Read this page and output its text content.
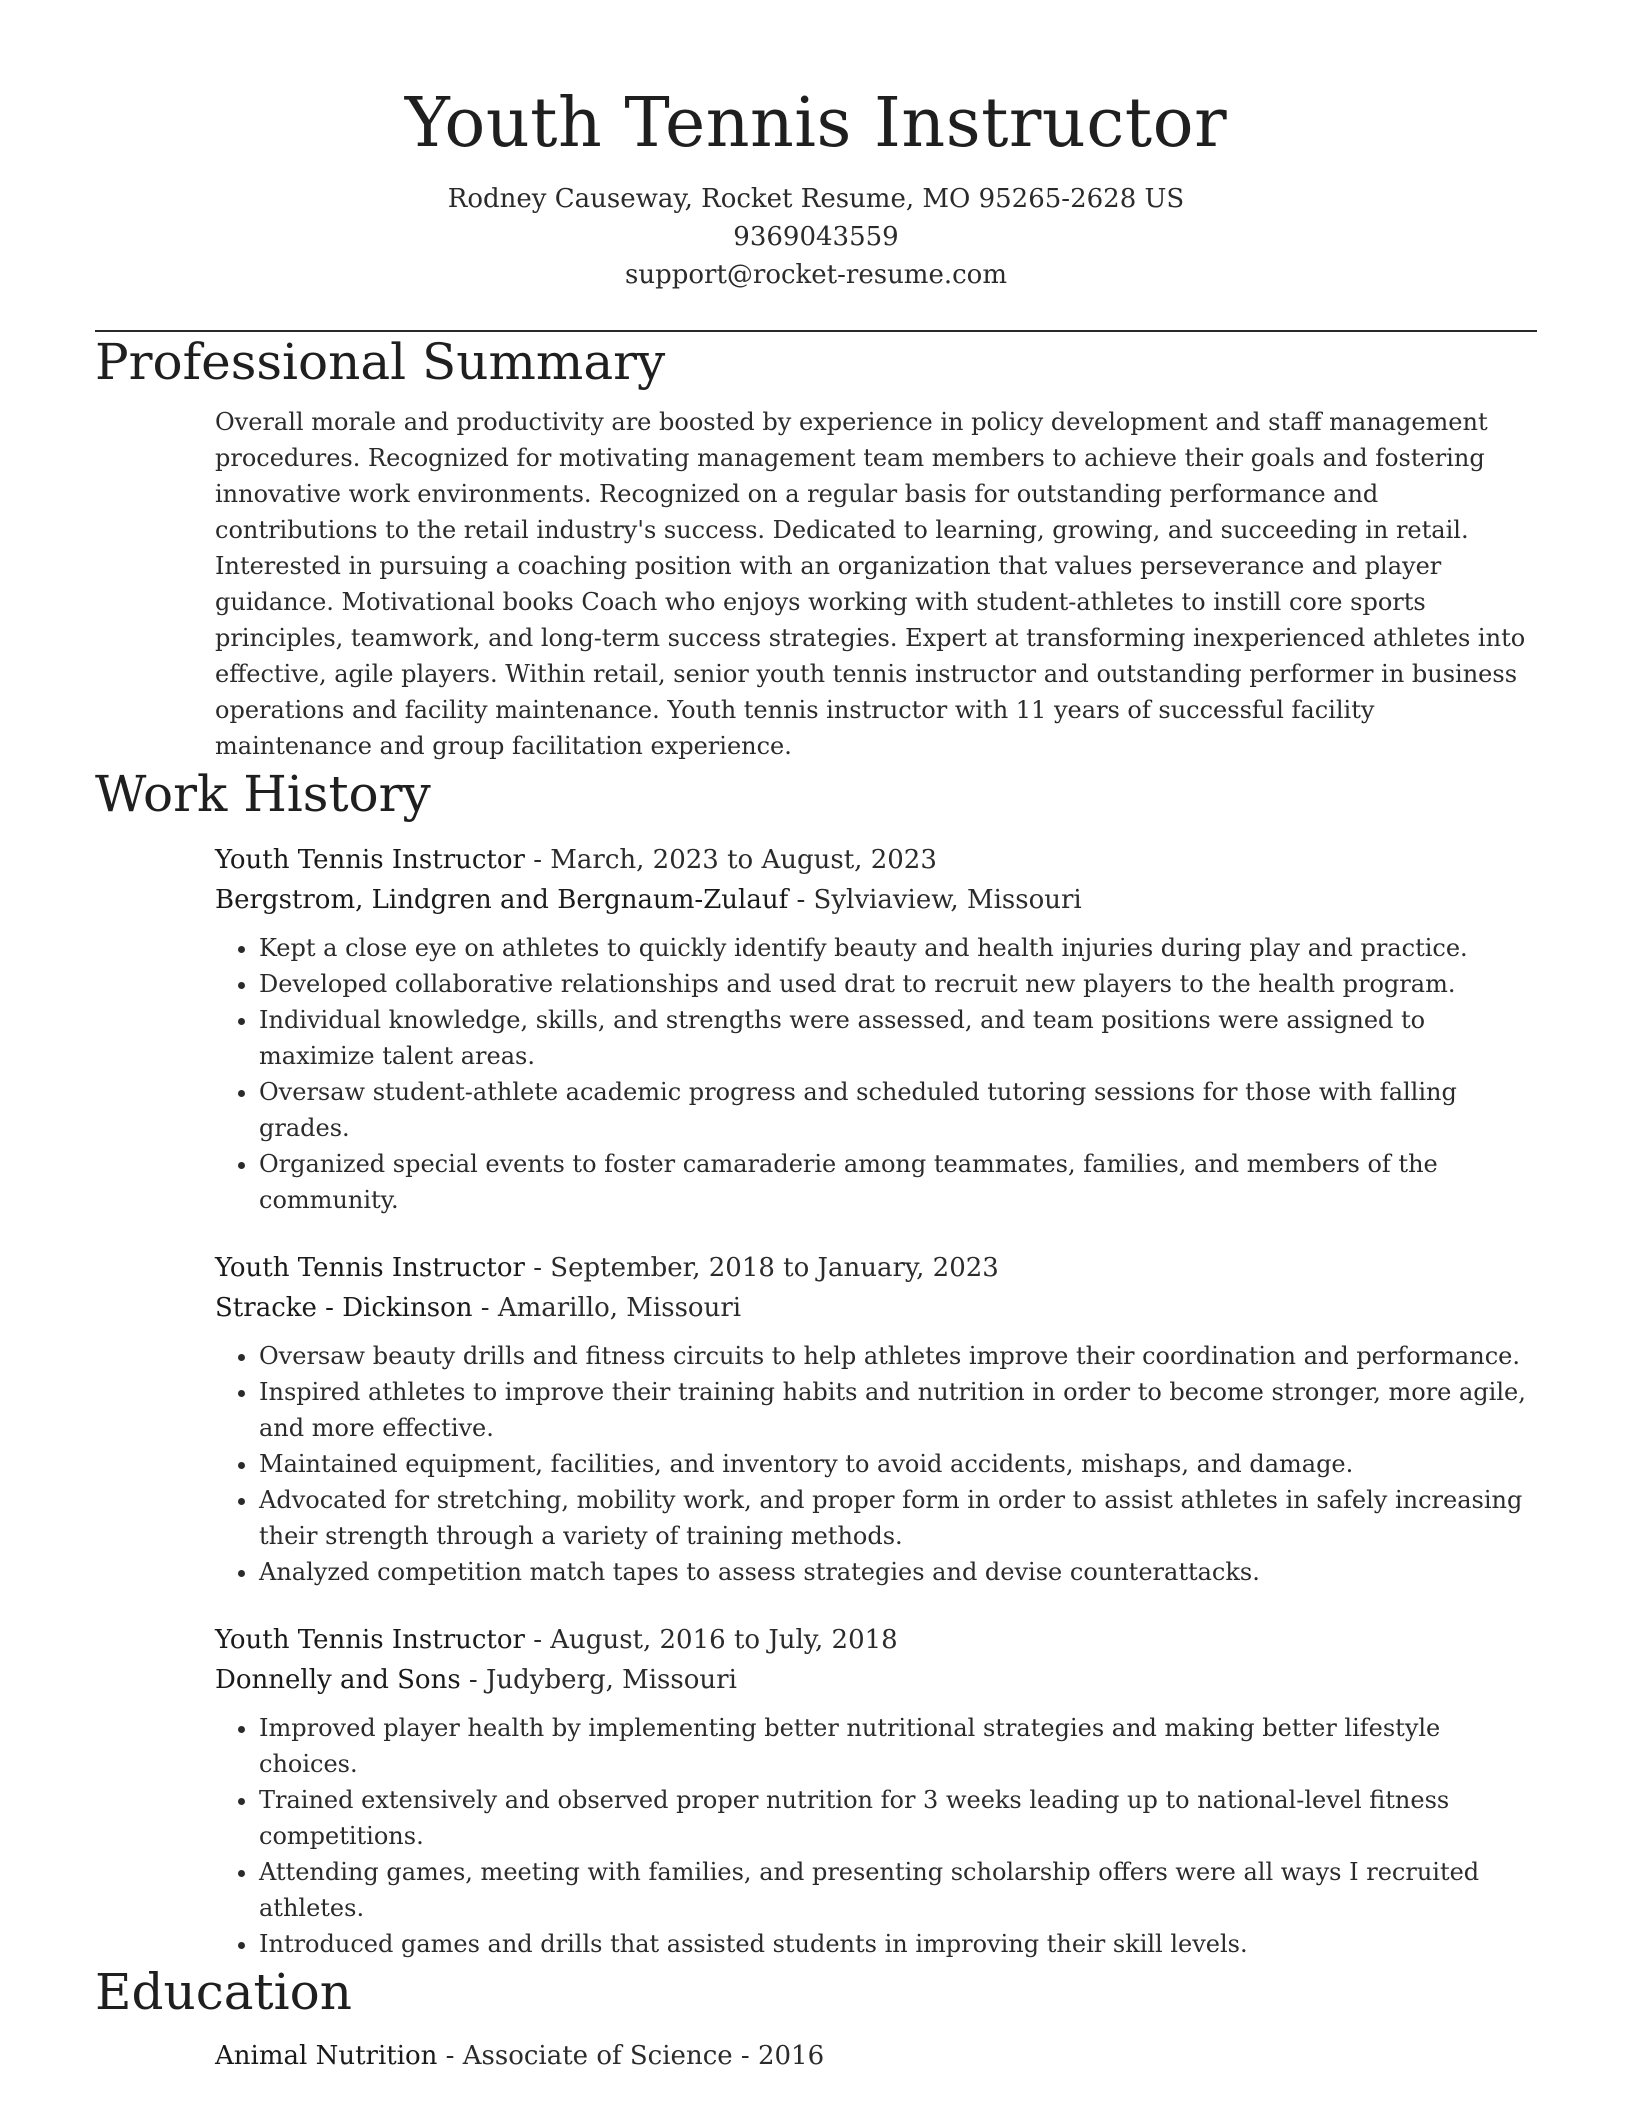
Youth Tennis Instructor
Rodney Causeway, Rocket Resume, MO 95265-2628 US
9369043559
support@rocket-resume.com
Professional Summary

Overall morale and productivity are boosted by experience in policy development and staff management procedures. Recognized for motivating management team members to achieve their goals and fostering innovative work environments. Recognized on a regular basis for outstanding performance and contributions to the retail industry's success. Dedicated to learning, growing, and succeeding in retail. Interested in pursuing a coaching position with an organization that values perseverance and player guidance. Motivational books Coach who enjoys working with student-athletes to instill core sports principles, teamwork, and long-term success strategies. Expert at transforming inexperienced athletes into effective, agile players. Within retail, senior youth tennis instructor and outstanding performer in business operations and facility maintenance. Youth tennis instructor with 11 years of successful facility maintenance and group facilitation experience.

Work History
Youth Tennis Instructor - March, 2023 to August, 2023
Bergstrom, Lindgren and Bergnaum-Zulauf - Sylviaview, Missouri
• Kept a close eye on athletes to quickly identify beauty and health injuries during play and practice.
• Developed collaborative relationships and used drat to recruit new players to the health program.
• Individual knowledge, skills, and strengths were assessed, and team positions were assigned to maximize talent areas.
• Oversaw student-athlete academic progress and scheduled tutoring sessions for those with falling grades.
• Organized special events to foster camaraderie among teammates, families, and members of the community.
Youth Tennis Instructor - September, 2018 to January, 2023
Stracke - Dickinson - Amarillo, Missouri
• Oversaw beauty drills and fitness circuits to help athletes improve their coordination and performance.
• Inspired athletes to improve their training habits and nutrition in order to become stronger, more agile, and more effective.
• Maintained equipment, facilities, and inventory to avoid accidents, mishaps, and damage.
• Advocated for stretching, mobility work, and proper form in order to assist athletes in safely increasing their strength through a variety of training methods.
• Analyzed competition match tapes to assess strategies and devise counterattacks.
Youth Tennis Instructor - August, 2016 to July, 2018
Donnelly and Sons - Judyberg, Missouri
• Improved player health by implementing better nutritional strategies and making better lifestyle choices.
• Trained extensively and observed proper nutrition for 3 weeks leading up to national-level fitness competitions.
• Attending games, meeting with families, and presenting scholarship offers were all ways I recruited athletes.
• Introduced games and drills that assisted students in improving their skill levels.
Education
Animal Nutrition - Associate of Science - 2016
